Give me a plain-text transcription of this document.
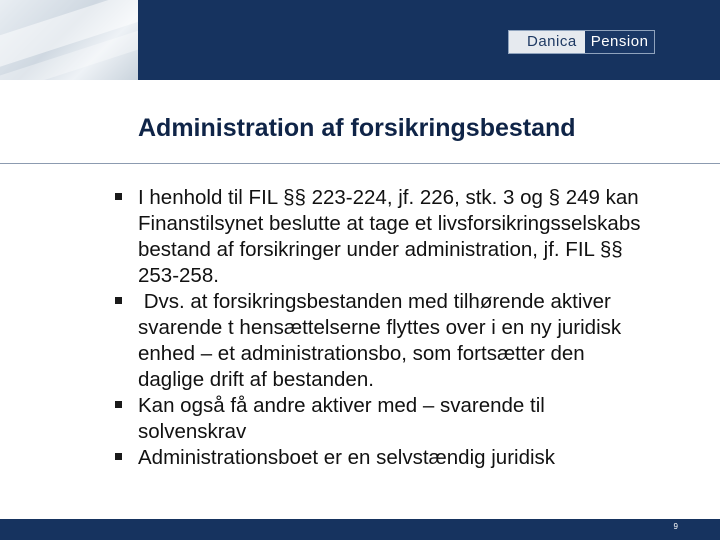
Danica Pension
Administration af forsikringsbestand
I henhold til FIL §§ 223-224, jf. 226, stk. 3 og § 249 kan Finanstilsynet beslutte at tage et livsforsikringsselskabs bestand af forsikringer under administration, jf. FIL §§ 253-258.
Dvs. at forsikringsbestanden med tilhørende aktiver svarende t hensættelserne flyttes over i en ny juridisk enhed – et administrationsbo, som fortsætter den daglige drift af bestanden.
Kan også få andre aktiver med – svarende til solvenskrav
Administrationsboet er en selvstændig juridisk
9
